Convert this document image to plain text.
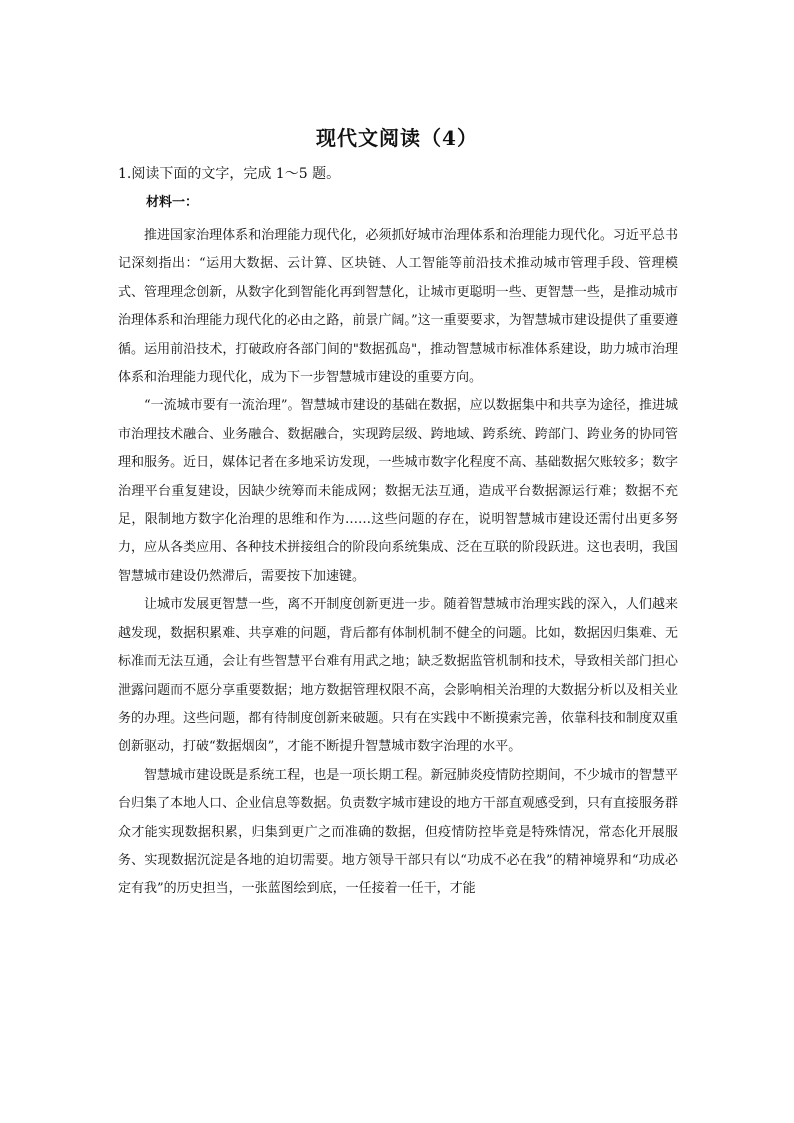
现代文阅读（4）
1.阅读下面的文字，完成 1～5 题。
材料一：

推进国家治理体系和治理能力现代化，必须抓好城市治理体系和治理能力现代化。习近平总书记深刻指出：“运用大数据、云计算、区块链、人工智能等前沿技术推动城市管理手段、管理模式、管理理念创新，从数字化到智能化再到智慧化，让城市更聪明一些、更智慧一些，是推动城市治理体系和治理能力现代化的必由之路，前景广阔。”这一重要要求，为智慧城市建设提供了重要遵循。运用前沿技术，打破政府各部门间的"数据孤岛"，推动智慧城市标准体系建设，助力城市治理体系和治理能力现代化，成为下一步智慧城市建设的重要方向。

“一流城市要有一流治理”。智慧城市建设的基础在数据，应以数据集中和共享为途径，推进城市治理技术融合、业务融合、数据融合，实现跨层级、跨地域、跨系统、跨部门、跨业务的协同管理和服务。近日，媒体记者在多地采访发现，一些城市数字化程度不高、基础数据欠账较多；数字治理平台重复建设，因缺少统筹而未能成网；数据无法互通，造成平台数据源运行难；数据不充足，限制地方数字化治理的思维和作为……这些问题的存在，说明智慧城市建设还需付出更多努力，应从各类应用、各种技术拼接组合的阶段向系统集成、泛在互联的阶段跃进。这也表明，我国智慧城市建设仍然滞后，需要按下加速键。

让城市发展更智慧一些，离不开制度创新更进一步。随着智慧城市治理实践的深入，人们越来越发现，数据积累难、共享难的问题，背后都有体制机制不健全的问题。比如，数据因归集难、无标准而无法互通，会让有些智慧平台难有用武之地；缺乏数据监管机制和技术，导致相关部门担心泄露问题而不愿分享重要数据；地方数据管理权限不高，会影响相关治理的大数据分析以及相关业务的办理。这些问题，都有待制度创新来破题。只有在实践中不断摸索完善，依靠科技和制度双重创新驱动，打破“数据烟囱”，才能不断提升智慧城市数字治理的水平。

智慧城市建设既是系统工程，也是一项长期工程。新冠肺炎疫情防控期间，不少城市的智慧平台归集了本地人口、企业信息等数据。负责数字城市建设的地方干部直观感受到，只有直接服务群众才能实现数据积累，归集到更广之而准确的数据，但疫情防控毕竟是特殊情况，常态化开展服务、实现数据沉淀是各地的迫切需要。地方领导干部只有以“功成不必在我”的精神境界和“功成必定有我”的历史担当，一张蓝图绘到底，一任接着一任干，才能
